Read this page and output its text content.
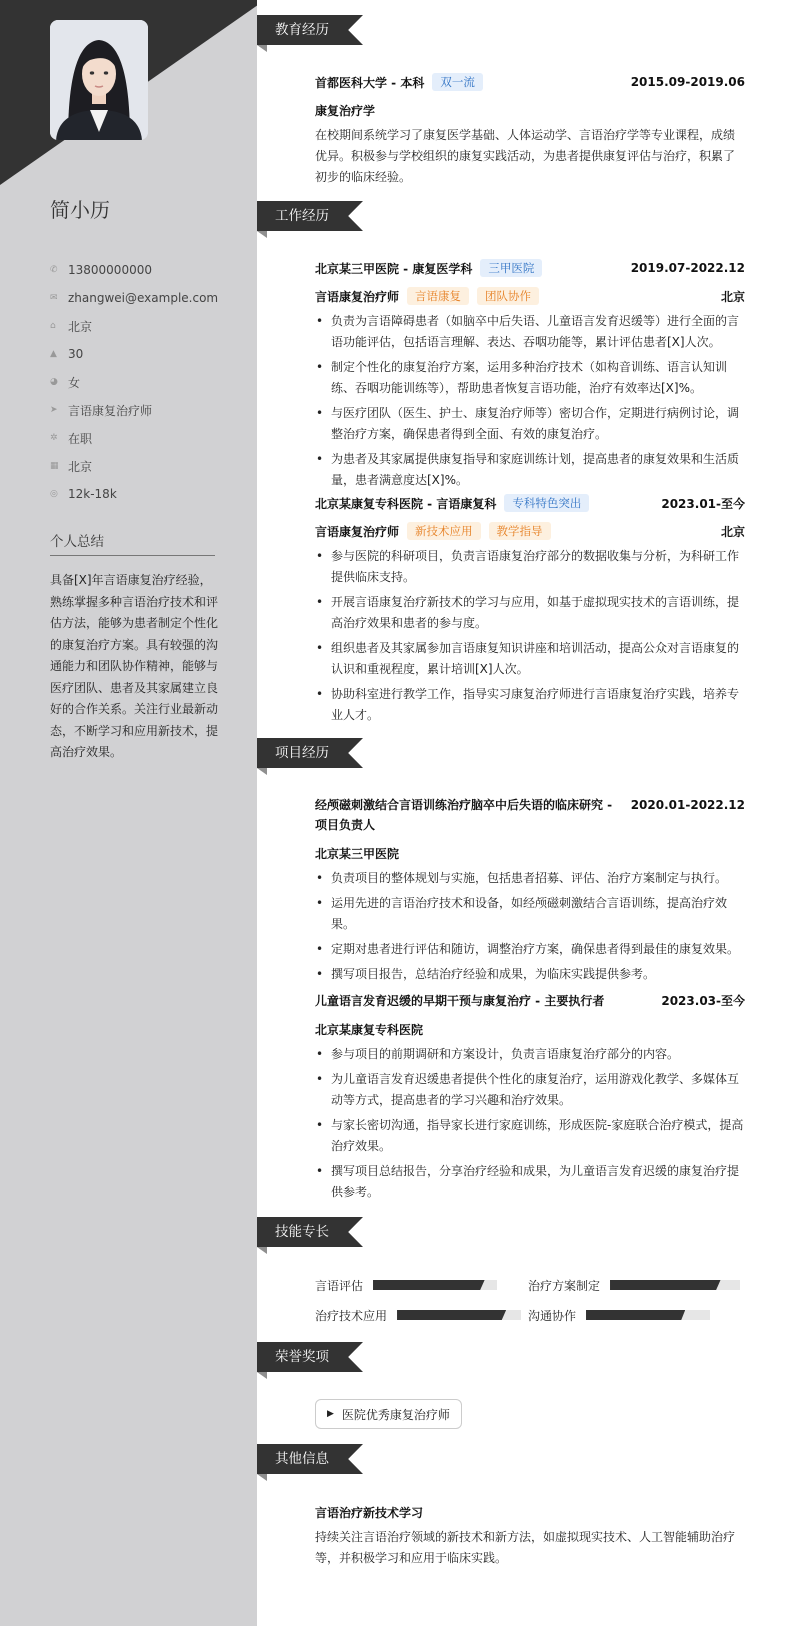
简小历
✆ 13800000000
✉ zhangwei@example.com
⌂	北京
▲ 30
◕ 女
➤ 言语康复治疗师
✲ 在职
▦ 北京
◎ 12k-18k
个人总结
具备[X]年言语康复治疗经验，熟练掌握多种言语治疗技术和评估方法，能够为患者制定个性化的康复治疗方案。具有较强的沟通能力和团队协作精神，能够与医疗团队、患者及其家属建立良好的合作关系。关注行业最新动态，不断学习和应用新技术，提高治疗效果。
教育经历
首都医科大学 - 本科	双一流	2015.09-2019.06
康复治疗学
在校期间系统学习了康复医学基础、人体运动学、言语治疗学等专业课程，成绩优异。积极参与学校组织的康复实践活动，为患者提供康复评估与治疗，积累了初步的临床经验。
工作经历
北京某三甲医院 - 康复医学科	三甲医院	2019.07-2022.12
言语康复治疗师	言语康复	团队协作	北京
• 负责为言语障碍患者（如脑卒中后失语、儿童语言发育迟缓等）进行全面的言语功能评估，包括语言理解、表达、吞咽功能等，累计评估患者[X]人次。
• 制定个性化的康复治疗方案，运用多种治疗技术（如构音训练、语言认知训练、吞咽功能训练等），帮助患者恢复言语功能，治疗有效率达[X]%。
• 与医疗团队（医生、护士、康复治疗师等）密切合作，定期进行病例讨论，调整治疗方案，确保患者得到全面、有效的康复治疗。
• 为患者及其家属提供康复指导和家庭训练计划，提高患者的康复效果和生活质量，患者满意度达[X]%。
北京某康复专科医院 - 言语康复科	专科特色突出	2023.01-至今
言语康复治疗师	新技术应用	教学指导	北京
• 参与医院的科研项目，负责言语康复治疗部分的数据收集与分析，为科研工作提供临床支持。
• 开展言语康复治疗新技术的学习与应用，如基于虚拟现实技术的言语训练，提高治疗效果和患者的参与度。
• 组织患者及其家属参加言语康复知识讲座和培训活动，提高公众对言语康复的认识和重视程度，累计培训[X]人次。
• 协助科室进行教学工作，指导实习康复治疗师进行言语康复治疗实践，培养专业人才。
项目经历
经颅磁刺激结合言语训练治疗脑卒中后失语的临床研究 - 项目负责人
2020.01-2022.12
北京某三甲医院
• 负责项目的整体规划与实施，包括患者招募、评估、治疗方案制定与执行。
• 运用先进的言语治疗技术和设备，如经颅磁刺激结合言语训练，提高治疗效果。
• 定期对患者进行评估和随访，调整治疗方案，确保患者得到最佳的康复效果。
• 撰写项目报告，总结治疗经验和成果，为临床实践提供参考。
儿童语言发育迟缓的早期干预与康复治疗 - 主要执行者	2023.03-至今
北京某康复专科医院
• 参与项目的前期调研和方案设计，负责言语康复治疗部分的内容。
• 为儿童语言发育迟缓患者提供个性化的康复治疗，运用游戏化教学、多媒体互动等方式，提高患者的学习兴趣和治疗效果。
• 与家长密切沟通，指导家长进行家庭训练，形成医院-家庭联合治疗模式，提高治疗效果。
• 撰写项目总结报告，分享治疗经验和成果，为儿童语言发育迟缓的康复治疗提供参考。
技能专长
言语评估	治疗方案制定
治疗技术应用	沟通协作
荣誉奖项
▶ 医院优秀康复治疗师
其他信息
言语治疗新技术学习
持续关注言语治疗领域的新技术和新方法，如虚拟现实技术、人工智能辅助治疗等，并积极学习和应用于临床实践。
